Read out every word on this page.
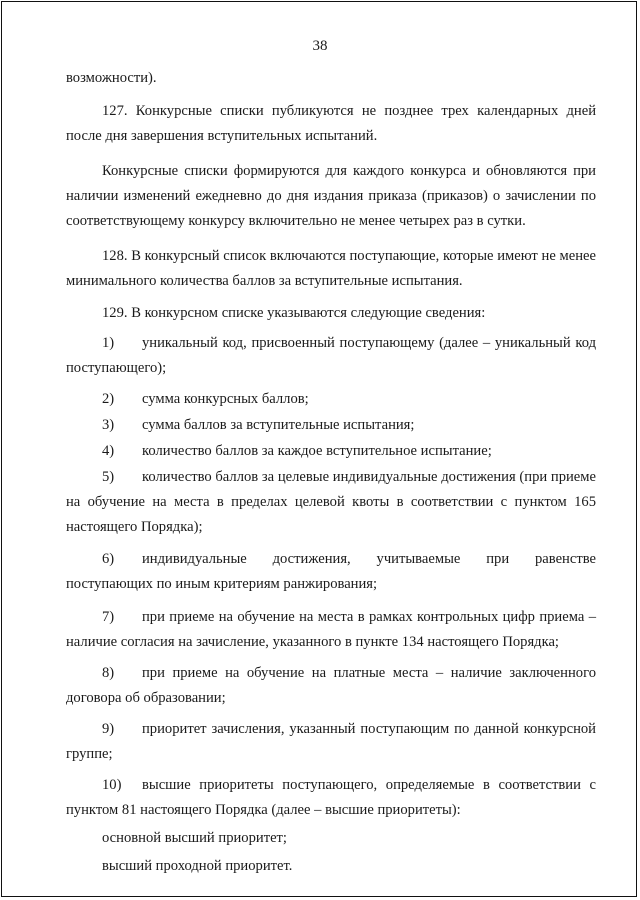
38

возможности).

127. Конкурсные списки публикуются не позднее трех календарных дней после дня завершения вступительных испытаний.

Конкурсные списки формируются для каждого конкурса и обновляются при наличии изменений ежедневно до дня издания приказа (приказов) о зачислении по соответствующему конкурсу включительно не менее четырех раз в сутки.

128. В конкурсный список включаются поступающие, которые имеют не менее минимального количества баллов за вступительные испытания.

129. В конкурсном списке указываются следующие сведения:

1) уникальный код, присвоенный поступающему (далее – уникальный код поступающего);

2) сумма конкурсных баллов;

3) сумма баллов за вступительные испытания;

4) количество баллов за каждое вступительное испытание;

5) количество баллов за целевые индивидуальные достижения (при приеме на обучение на места в пределах целевой квоты в соответствии с пунктом 165 настоящего Порядка);

6) индивидуальные достижения, учитываемые при равенстве поступающих по иным критериям ранжирования;

7) при приеме на обучение на места в рамках контрольных цифр приема – наличие согласия на зачисление, указанного в пункте 134 настоящего Порядка;

8) при приеме на обучение на платные места – наличие заключенного договора об образовании;

9) приоритет зачисления, указанный поступающим по данной конкурсной группе;

10) высшие приоритеты поступающего, определяемые в соответствии с пунктом 81 настоящего Порядка (далее – высшие приоритеты):

основной высший приоритет;

высший проходной приоритет.
